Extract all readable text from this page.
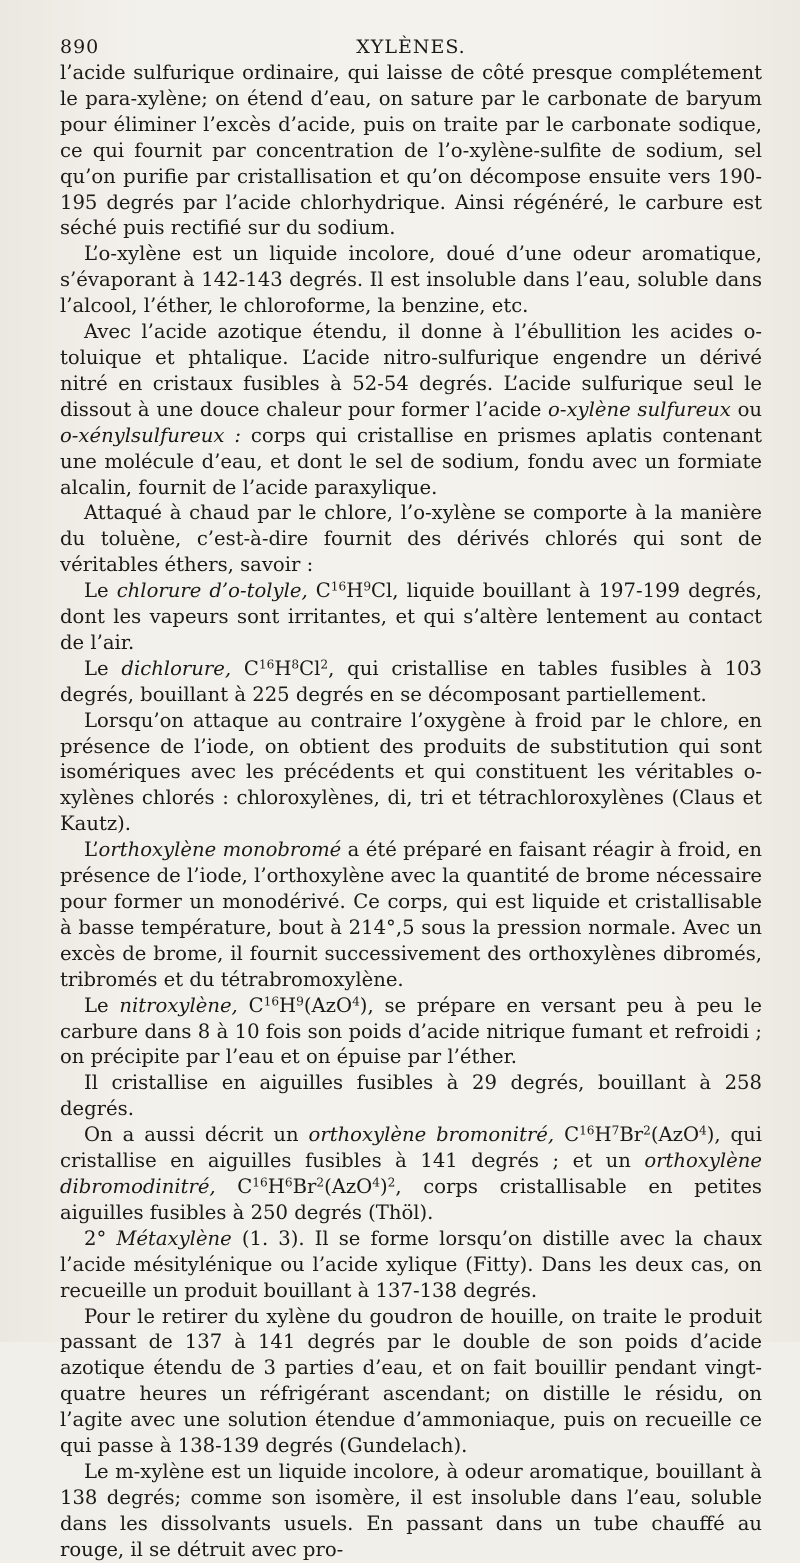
890	XYLÈNES.

l’acide sulfurique ordinaire, qui laisse de côté presque complétement le para-xylène; on étend d’eau, on sature par le carbonate de baryum pour éliminer l’excès d’acide, puis on traite par le carbonate sodique, ce qui fournit par concentration de l’o-xylène-sulfite de sodium, sel qu’on purifie par cristallisation et qu’on décompose ensuite vers 190-195 degrés par l’acide chlorhydrique. Ainsi régénéré, le carbure est séché puis rectifié sur du sodium.

L’o-xylène est un liquide incolore, doué d’une odeur aromatique, s’évaporant à 142-143 degrés. Il est insoluble dans l’eau, soluble dans l’alcool, l’éther, le chloroforme, la benzine, etc.

Avec l’acide azotique étendu, il donne à l’ébullition les acides o-toluique et phtalique. L’acide nitro-sulfurique engendre un dérivé nitré en cristaux fusibles à 52-54 degrés. L’acide sulfurique seul le dissout à une douce chaleur pour former l’acide o-xylène sulfureux ou o-xénylsulfureux : corps qui cristallise en prismes aplatis contenant une molécule d’eau, et dont le sel de sodium, fondu avec un formiate alcalin, fournit de l’acide paraxylique.

Attaqué à chaud par le chlore, l’o-xylène se comporte à la manière du toluène, c’est-à-dire fournit des dérivés chlorés qui sont de véritables éthers, savoir :

Le chlorure d’o-tolyle, $C^{16}H^9Cl$, liquide bouillant à 197-199 degrés, dont les vapeurs sont irritantes, et qui s’altère lentement au contact de l’air.

Le dichlorure, $C^{16}H^8Cl^2$, qui cristallise en tables fusibles à 103 degrés, bouillant à 225 degrés en se décomposant partiellement.

Lorsqu’on attaque au contraire l’oxygène à froid par le chlore, en présence de l’iode, on obtient des produits de substitution qui sont isomériques avec les précédents et qui constituent les véritables o-xylènes chlorés : chloroxylènes, di, tri et tétrachloroxylènes (Claus et Kautz).

L’orthoxylène monobromé a été préparé en faisant réagir à froid, en présence de l’iode, l’orthoxylène avec la quantité de brome nécessaire pour former un monodérivé. Ce corps, qui est liquide et cristallisable à basse température, bout à 214°,5 sous la pression normale. Avec un excès de brome, il fournit successivement des orthoxylènes dibromés, tribromés et du tétrabromoxylène.

Le nitroxylène, $C^{16}H^9(AzO^4)$, se prépare en versant peu à peu le carbure dans 8 à 10 fois son poids d’acide nitrique fumant et refroidi ; on précipite par l’eau et on épuise par l’éther.

Il cristallise en aiguilles fusibles à 29 degrés, bouillant à 258 degrés.

On a aussi décrit un orthoxylène bromonitré, $C^{16}H^7Br^2(AzO^4)$, qui cristallise en aiguilles fusibles à 141 degrés ; et un orthoxylène dibromodinitré, $C^{16}H^6Br^2(AzO^4)^2$, corps cristallisable en petites aiguilles fusibles à 250 degrés (Thöl).

2° Métaxylène (1. 3). Il se forme lorsqu’on distille avec la chaux l’acide mésitylénique ou l’acide xylique (Fitty). Dans les deux cas, on recueille un produit bouillant à 137-138 degrés.

Pour le retirer du xylène du goudron de houille, on traite le produit passant de 137 à 141 degrés par le double de son poids d’acide azotique étendu de 3 parties d’eau, et on fait bouillir pendant vingt-quatre heures un réfrigérant ascendant; on distille le résidu, on l’agite avec une solution étendue d’ammoniaque, puis on recueille ce qui passe à 138-139 degrés (Gundelach).

Le m-xylène est un liquide incolore, à odeur aromatique, bouillant à 138 degrés; comme son isomère, il est insoluble dans l’eau, soluble dans les dissolvants usuels. En passant dans un tube chauffé au rouge, il se détruit avec pro-
